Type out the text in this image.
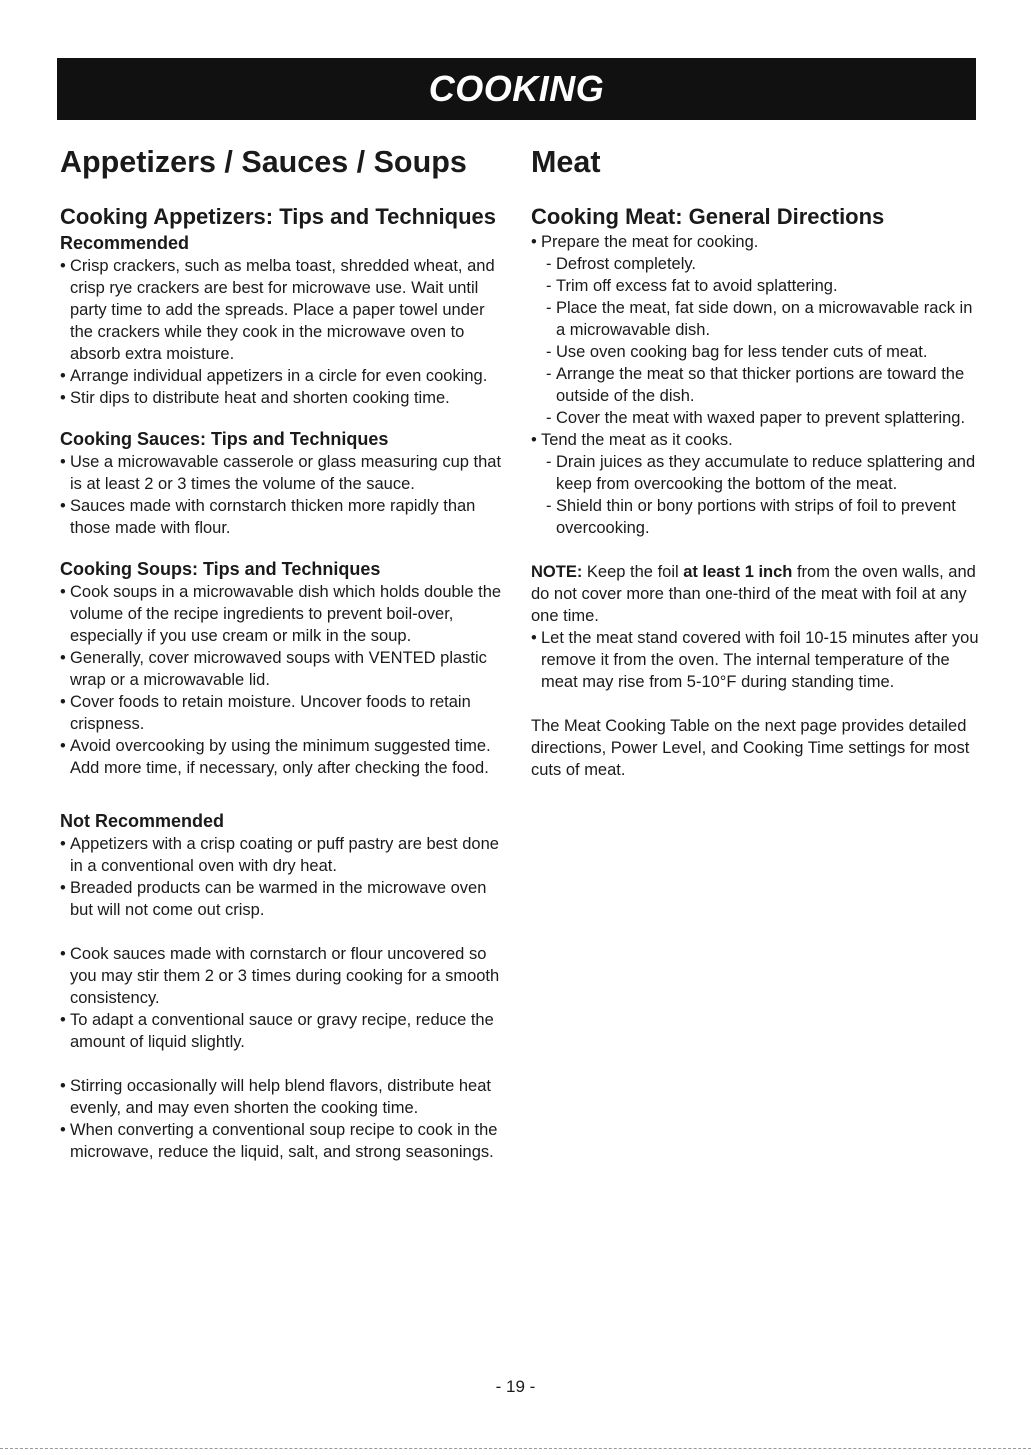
COOKING
Appetizers / Sauces / Soups
Cooking Appetizers: Tips and Techniques
Recommended
• Crisp crackers, such as melba toast, shredded wheat, and crisp rye crackers are best for microwave use. Wait until party time to add the spreads. Place a paper towel under the crackers while they cook in the microwave oven to absorb extra moisture.
• Arrange individual appetizers in a circle for even cooking.
• Stir dips to distribute heat and shorten cooking time.
Cooking Sauces: Tips and Techniques
• Use a microwavable casserole or glass measuring cup that is at least 2 or 3 times the volume of the sauce.
• Sauces made with cornstarch thicken more rapidly than those made with flour.
Cooking Soups: Tips and Techniques
• Cook soups in a microwavable dish which holds double the volume of the recipe ingredients to prevent boil-over, especially if you use cream or milk in the soup.
• Generally, cover microwaved soups with VENTED plastic wrap or a microwavable lid.
• Cover foods to retain moisture. Uncover foods to retain crispness.
• Avoid overcooking by using the minimum suggested time. Add more time, if necessary, only after checking the food.
Not Recommended
• Appetizers with a crisp coating or puff pastry are best done in a conventional oven with dry heat.
• Breaded products can be warmed in the microwave oven but will not come out crisp.
• Cook sauces made with cornstarch or flour uncovered so you may stir them 2 or 3 times during cooking for a smooth consistency.
• To adapt a conventional sauce or gravy recipe, reduce the amount of liquid slightly.
• Stirring occasionally will help blend flavors, distribute heat evenly, and may even shorten the cooking time.
• When converting a conventional soup recipe to cook in the microwave, reduce the liquid, salt, and strong seasonings.
Meat
Cooking Meat: General Directions
• Prepare the meat for cooking.
- Defrost completely.
- Trim off excess fat to avoid splattering.
- Place the meat, fat side down, on a microwavable rack in a microwavable dish.
- Use oven cooking bag for less tender cuts of meat.
- Arrange the meat so that thicker portions are toward the outside of the dish.
- Cover the meat with waxed paper to prevent splattering.
• Tend the meat as it cooks.
- Drain juices as they accumulate to reduce splattering and keep from overcooking the bottom of the meat.
- Shield thin or bony portions with strips of foil to prevent overcooking.
NOTE: Keep the foil at least 1 inch from the oven walls, and do not cover more than one-third of the meat with foil at any one time.
• Let the meat stand covered with foil 10-15 minutes after you remove it from the oven. The internal temperature of the meat may rise from 5-10°F during standing time.
The Meat Cooking Table on the next page provides detailed directions, Power Level, and Cooking Time settings for most cuts of meat.
- 19 -
